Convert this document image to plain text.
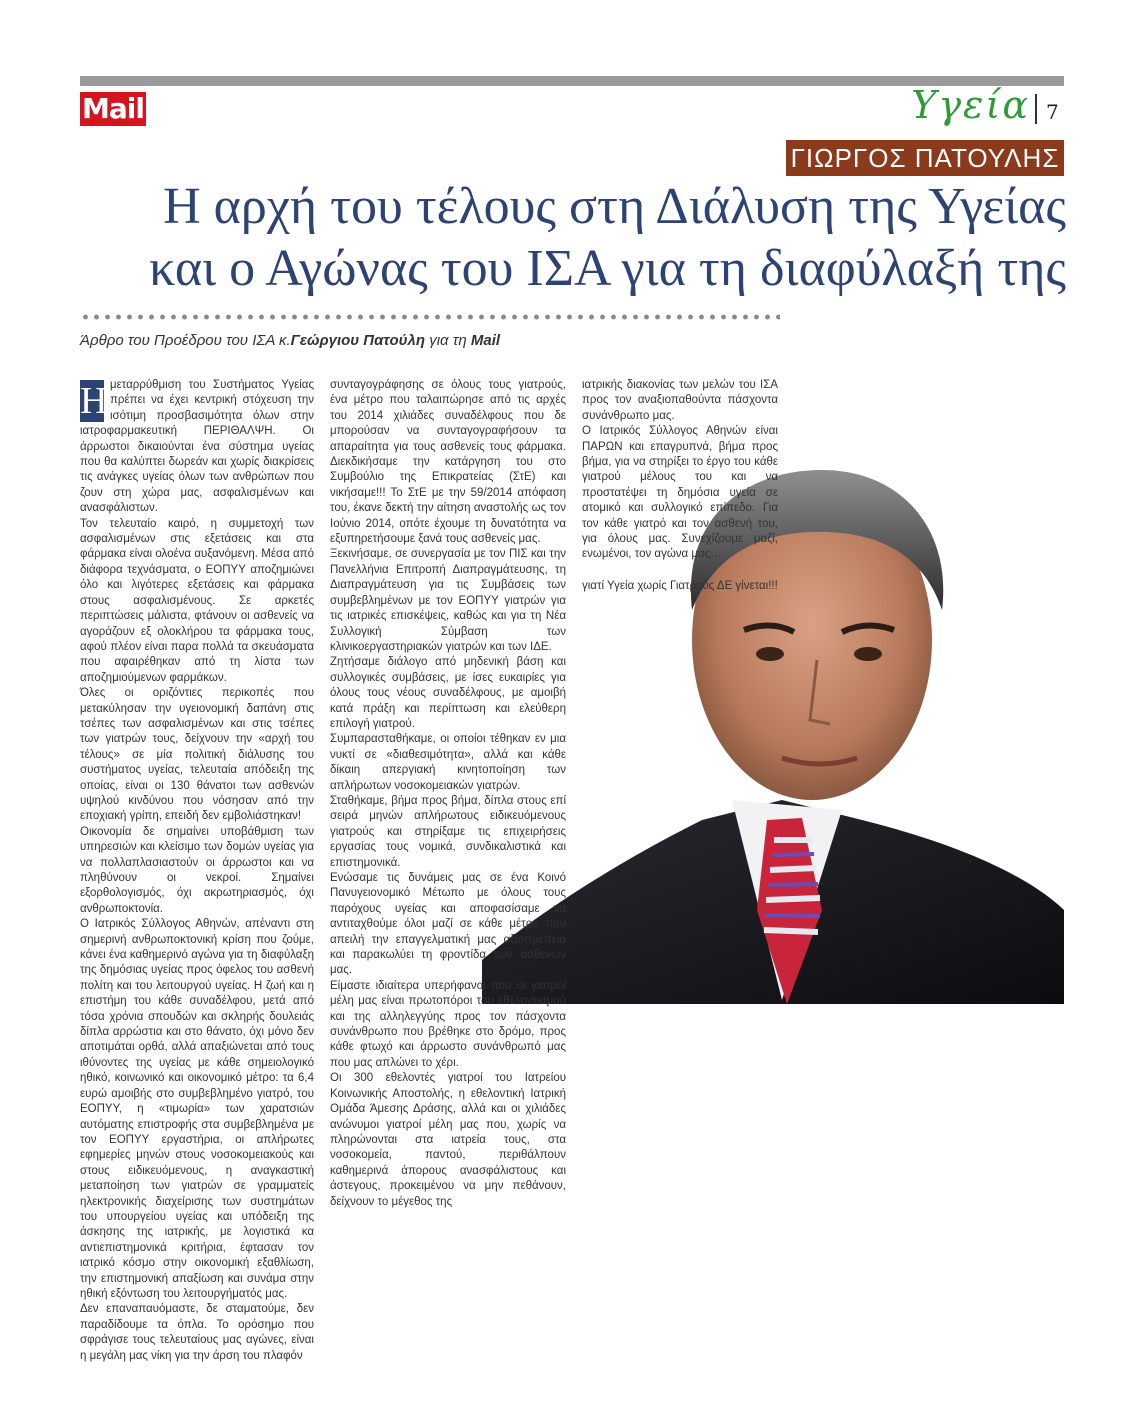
Mail	Υγεία 7
ΓΙΩΡΓΟΣ ΠΑΤΟΥΛΗΣ
Η αρχή του τέλους στη Διάλυση της Υγείας
και ο Αγώνας του ΙΣΑ για τη διαφύλαξή της
Άρθρο του Προέδρου του ΙΣΑ κ.Γεώργιου Πατούλη για τη Mail
Η μεταρρύθμιση του Συστήματος Υγείας πρέπει να έχει κεντρική στόχευση την ισότιμη προσβασιμότητα όλων στην ιατροφαρμακευτική ΠΕΡΙΘΑΛΨΗ. Οι άρρωστοι δικαιούνται ένα σύστημα υγείας που θα καλύπτει δωρεάν και χωρίς διακρίσεις τις ανάγκες υγείας όλων των ανθρώπων που ζουν στη χώρα μας, ασφαλισμένων και ανασφάλιστων.

Τον τελευταίο καιρό, η συμμετοχή των ασφαλισμένων στις εξετάσεις και στα φάρμακα είναι ολοένα αυξανόμενη. Μέσα από διάφορα τεχνάσματα, ο ΕΟΠΥΥ αποζημιώνει όλο και λιγότερες εξετάσεις και φάρμακα στους ασφαλισμένους. Σε αρκετές περιπτώσεις μάλιστα, φτάνουν οι ασθενείς να αγοράζουν εξ ολοκλήρου τα φάρμακα τους, αφού πλέον είναι παρα πολλά τα σκευάσματα που αφαιρέθηκαν από τη λίστα των αποζημιούμενων φαρμάκων.

Όλες οι οριζόντιες περικοπές που μετακύλησαν την υγειονομική δαπάνη στις τσέπες των ασφαλισμένων και στις τσέπες των γιατρών τους, δείχνουν την «αρχή του τέλους» σε μία πολιτική διάλυσης του συστήματος υγείας, τελευταία απόδειξη της οποίας, είναι οι 130 θάνατοι των ασθενών υψηλού κινδύνου που νόσησαν από την εποχιακή γρίπη, επειδή δεν εμβολιάστηκαν!

Οικονομία δε σημαίνει υποβάθμιση των υπηρεσιών και κλείσιμο των δομών υγείας για να πολλαπλασιαστούν οι άρρωστοι και να πληθύνουν οι νεκροί. Σημαίνει εξορθολογισμός, όχι ακρωτηριασμός, όχι ανθρωποκτονία.

Ο Ιατρικός Σύλλογος Αθηνών, απέναντι στη σημερινή ανθρωποκτονική κρίση που ζούμε, κάνει ένα καθημερινό αγώνα για τη διαφύλαξη της δημόσιας υγείας προς όφελος του ασθενή πολίτη και του λειτουργού υγείας. Η ζωή και η επιστήμη του κάθε συναδέλφου, μετά από τόσα χρόνια σπουδών και σκληρής δουλειάς δίπλα αρρώστια και στο θάνατο, όχι μόνο δεν αποτιμάται ορθά, αλλά απαξιώνεται από τους ιθύνοντες της υγείας με κάθε σημειολογικό ηθικό, κοινωνικό και οικονομικό μέτρο: τα 6,4 ευρώ αμοιβής στο συμβεβλημένο γιατρό, του ΕΟΠΥΥ, η «τιμωρία» των χαρατσιών αυτόματης επιστροφής στα συμβεβλημένα με τον ΕΟΠΥΥ εργαστήρια, οι απλήρωτες εφημερίες μηνών στους νοσοκομειακούς και στους ειδικευόμενους, η αναγκαστική μεταποίηση των γιατρών σε γραμματείς ηλεκτρονικής διαχείρισης των συστημάτων του υπουργείου υγείας και υπόδειξη της άσκησης της ιατρικής, με λογιστικά κα αντιεπιστημονικά κριτήρια, έφτασαν τον ιατρικό κόσμο στην οικονομική εξαθλίωση, την επιστημονική απαξίωση και συνάμα στην ηθική εξόντωση του λειτουργήματός μας.

Δεν επαναπαυόμαστε, δε σταματούμε, δεν παραδίδουμε τα όπλα. Το ορόσημο που σφράγισε τους τελευταίους μας αγώνες, είναι η μεγάλη μας νίκη για την άρση του πλαφόν

συνταγογράφησης σε όλους τους γιατρούς, ένα μέτρο που ταλαιπώρησε από τις αρχές του 2014 χιλιάδες συναδέλφους που δε μπορούσαν να συνταγογραφήσουν τα απαραίτητα για τους ασθενείς τους φάρμακα. Διεκδικήσαμε την κατάργηση του στο Συμβούλιο της Επικρατείας (ΣτΕ) και νικήσαμε!!! Το ΣτΕ με την 59/2014 απόφαση του, έκανε δεκτή την αίτηση αναστολής ως τον Ιούνιο 2014, οπότε έχουμε τη δυνατότητα να εξυπηρετήσουμε ξανά τους ασθενείς μας.

Ξεκινήσαμε, σε συνεργασία με τον ΠΙΣ και την Πανελλήνια Επιτροπή Διαπραγμάτευσης, τη Διαπραγμάτευση για τις Συμβάσεις των συμβεβλημένων με τον ΕΟΠΥΥ γιατρών για τις ιατρικές επισκέψεις, καθώς και για τη Νέα Συλλογική Σύμβαση των κλινικοεργαστηριακών γιατρών και των ΙΔΕ.

Ζητήσαμε διάλογο από μηδενική βάση και συλλογικές συμβάσεις, με ίσες ευκαιρίες για όλους τους νέους συναδέλφους, με αμοιβή κατά πράξη και περίπτωση και ελεύθερη επιλογή γιατρού.

Συμπαρασταθήκαμε, οι οποίοι τέθηκαν εν μια νυκτί σε «διαθεσιμότητα», αλλά και κάθε δίκαιη απεργιακή κινητοποίηση των απλήρωτων νοσοκομειακών γιατρών.

Σταθήκαμε, βήμα προς βήμα, δίπλα στους επί σειρά μηνών απλήρωτους ειδικευόμενους γιατρούς και στηρίξαμε τις επιχειρήσεις εργασίας τους νομικά, συνδικαλιστικά και επιστημονικά.

Ενώσαμε τις δυνάμεις μας σε ένα Κοινό Πανυγειονομικό Μέτωπο με όλους τους παρόχους υγείας και αποφασίσαμε να αντιταχθούμε όλοι μαζί σε κάθε μέτρο που απειλή την επαγγελματική μας αξιοπρέπεια και παρακωλύει τη φροντίδα των ασθενών μας.

Είμαστε ιδιαίτερα υπερήφανοι που οι γιατροί μέλη μας είναι πρωτοπόροι του εθελοντισμού και της αλληλεγγύης προς τον πάσχοντα συνάνθρωπο που βρέθηκε στο δρόμο, προς κάθε φτωχό και άρρωστο συνάνθρωπό μας που μας απλώνει το χέρι.

Οι 300 εθελοντές γιατροί του Ιατρείου Κοινωνικής Αποστολής, η εθελοντική Ιατρική Ομάδα Άμεσης Δράσης, αλλά και οι χιλιάδες ανώνυμοι γιατροί μέλη μας που, χωρίς να πληρώνονται στα ιατρεία τους, στα νοσοκομεία, παντού, περιθάλπουν καθημερινά άπορους ανασφάλιστους και άστεγους, προκειμένου να μην πεθάνουν, δείχνουν το μέγεθος της

ιατρικής διακονίας των μελών του ΙΣΑ προς τον αναξιοπαθούντα πάσχοντα συνάνθρωπο μας.

Ο Ιατρικός Σύλλογος Αθηνών είναι ΠΑΡΩΝ και επαγρυπνά, βήμα προς βήμα, για να στηρίξει το έργο του κάθε γιατρού μέλους του και να προστατέψει τη δημόσια υγεία σε ατομικό και συλλογικό επίπεδο. Για τον κάθε γιατρό και τον ασθενή του, για όλους μας. Συνεχίζουμε μαζί, ενωμένοι, τον αγώνα μας…

γιατί Υγεία χωρίς Γιατρούς ΔΕ γίνεται!!!
